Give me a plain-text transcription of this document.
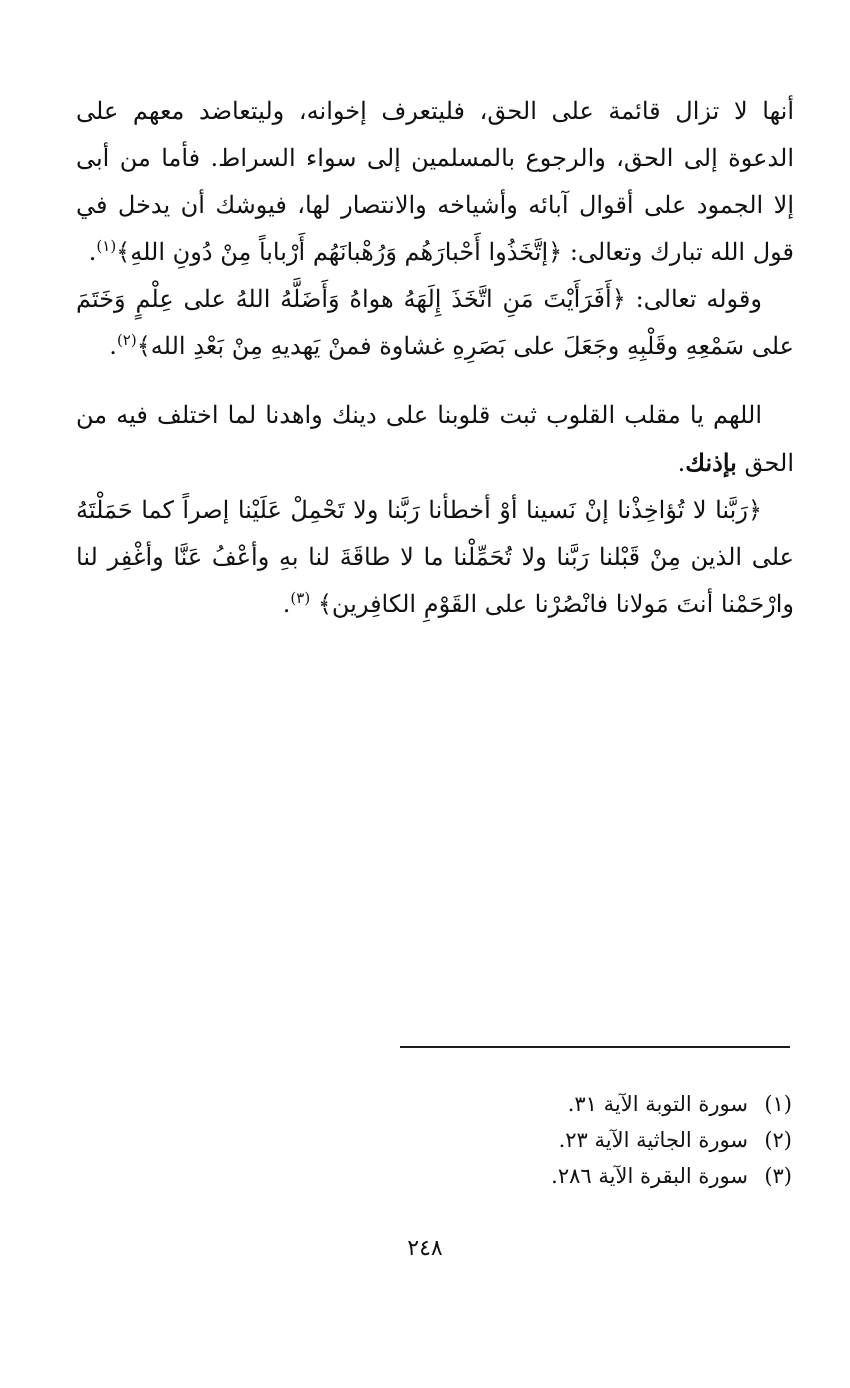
أنها لا تزال قائمة على الحق، فليتعرف إخوانه، وليتعاضد معهم على الدعوة إلى الحق، والرجوع بالمسلمين إلى سواء السراط. فأما من أبى إلا الجمود على أقوال آبائه وأشياخه والانتصار لها، فيوشك أن يدخل في قول الله تبارك وتعالى: ﴿إتَّخَذُوا أَحْبارَهُم وَرُهْبانَهُم أَرْباباً مِنْ دُونِ اللهِ﴾$^{(١)}$.

وقوله تعالى: ﴿أَفَرَأَيْتَ مَنِ اتَّخَذَ إِلَهَهُ هواهُ وَأَضَلَّهُ اللهُ على عِلْمٍ وَخَتَمَ على سَمْعِهِ وقَلْبِهِ وجَعَلَ على بَصَرِهِ غشاوة فمنْ يَهديهِ مِنْ بَعْدِ الله﴾$^{(٢)}$.

اللهم يا مقلب القلوب ثبت قلوبنا على دينك واهدنا لما اختلف فيه من الحق بإذنك.

﴿رَبَّنا لا تُؤاخِذْنا إنْ نَسينا أوْ أخطأنا رَبَّنا ولا تَحْمِلْ عَلَيْنا إصراً كما حَمَلْتَهُ على الذين مِنْ قَبْلنا رَبَّنا ولا تُحَمِّلْنا ما لا طاقَةَ لنا بهِ وأعْفُ عَنَّا وأغْفِر لنا وارْحَمْنا أنتَ مَولانا فانْصُرْنا على القَوْمِ الكافِرين﴾ $^{(٣)}$.

(١)سورة التوبة الآية ٣١.

(٢)سورة الجاثية الآية ٢٣.

(٣)سورة البقرة الآية ٢٨٦.

٢٤٨
